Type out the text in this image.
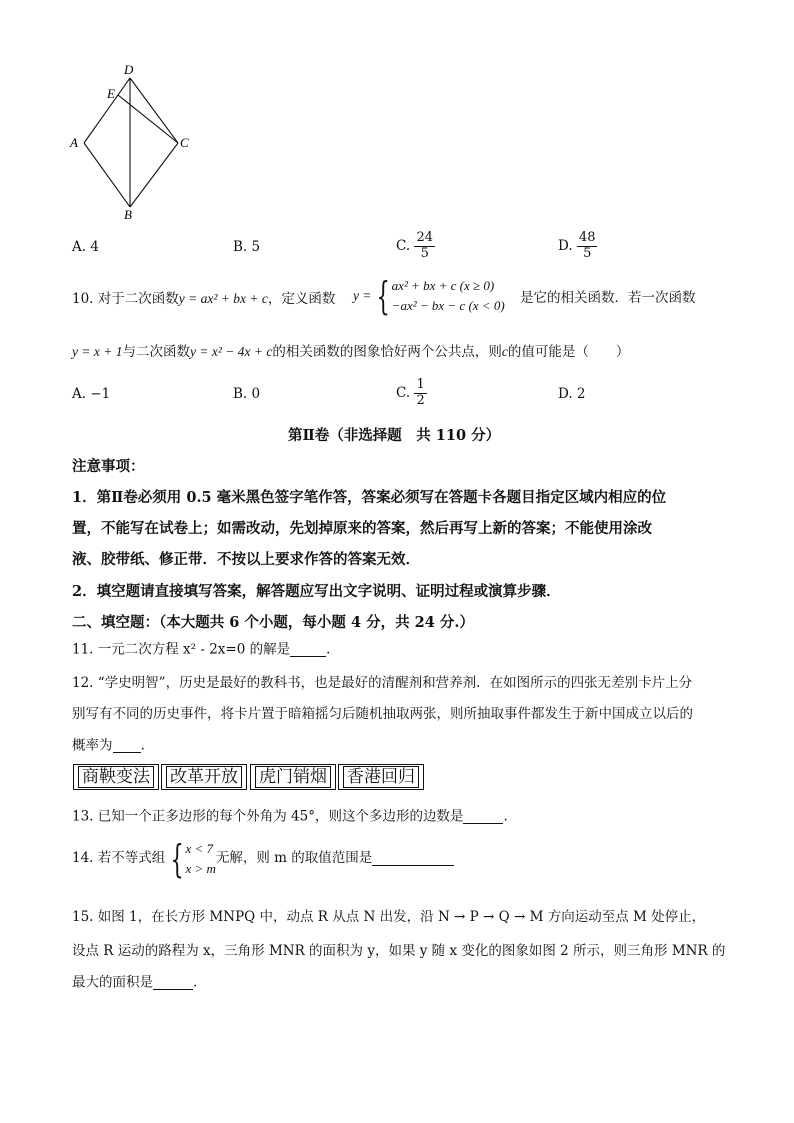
D
E
A	C
B
A. 4	B. 5	C. $\frac{24}{5}$	D. $\frac{48}{5}$
10. 对于二次函数y = ax² + bx + c，定义函数 y = { ax² + bx + c (x ≥ 0)
−ax² − bx − c (x < 0) 是它的相关函数．若一次函数
y = x + 1与二次函数y = x² − 4x + c的相关函数的图象恰好两个公共点，则c的值可能是（　　）
A. −1	B. 0	C. $\frac{1}{2}$	D. 2
第Ⅱ卷（非选择题　共 110 分）
注意事项：
1．第Ⅱ卷必须用 0.5 毫米黑色签字笔作答，答案必须写在答题卡各题目指定区域内相应的位
置，不能写在试卷上；如需改动，先划掉原来的答案，然后再写上新的答案；不能使用涂改
液、胶带纸、修正带．不按以上要求作答的答案无效．
2．填空题请直接填写答案，解答题应写出文字说明、证明过程或演算步骤．
二、填空题：（本大题共 6 个小题，每小题 4 分，共 24 分.）
11. 一元二次方程 x² - 2x=0 的解是	.
12. “学史明智”，历史是最好的教科书，也是最好的清醒剂和营养剂．在如图所示的四张无差别卡片上分
别写有不同的历史事件，将卡片置于暗箱摇匀后随机抽取两张，则所抽取事件都发生于新中国成立以后的
概率为 .
商鞅变法	改革开放	虎门销烟	香港回归
13. 已知一个正多边形的每个外角为 45°，则这个多边形的边数是	.
14. 若不等式组 { x < 7
x > m
无解，则 m 的取值范围是
15. 如图 1，在长方形 MNPQ 中，动点 R 从点 N 出发，沿 N → P → Q → M 方向运动至点 M 处停止，
设点 R 运动的路程为 x，三角形 MNR 的面积为 y，如果 y 随 x 变化的图象如图 2 所示，则三角形 MNR 的
最大的面积是	.
